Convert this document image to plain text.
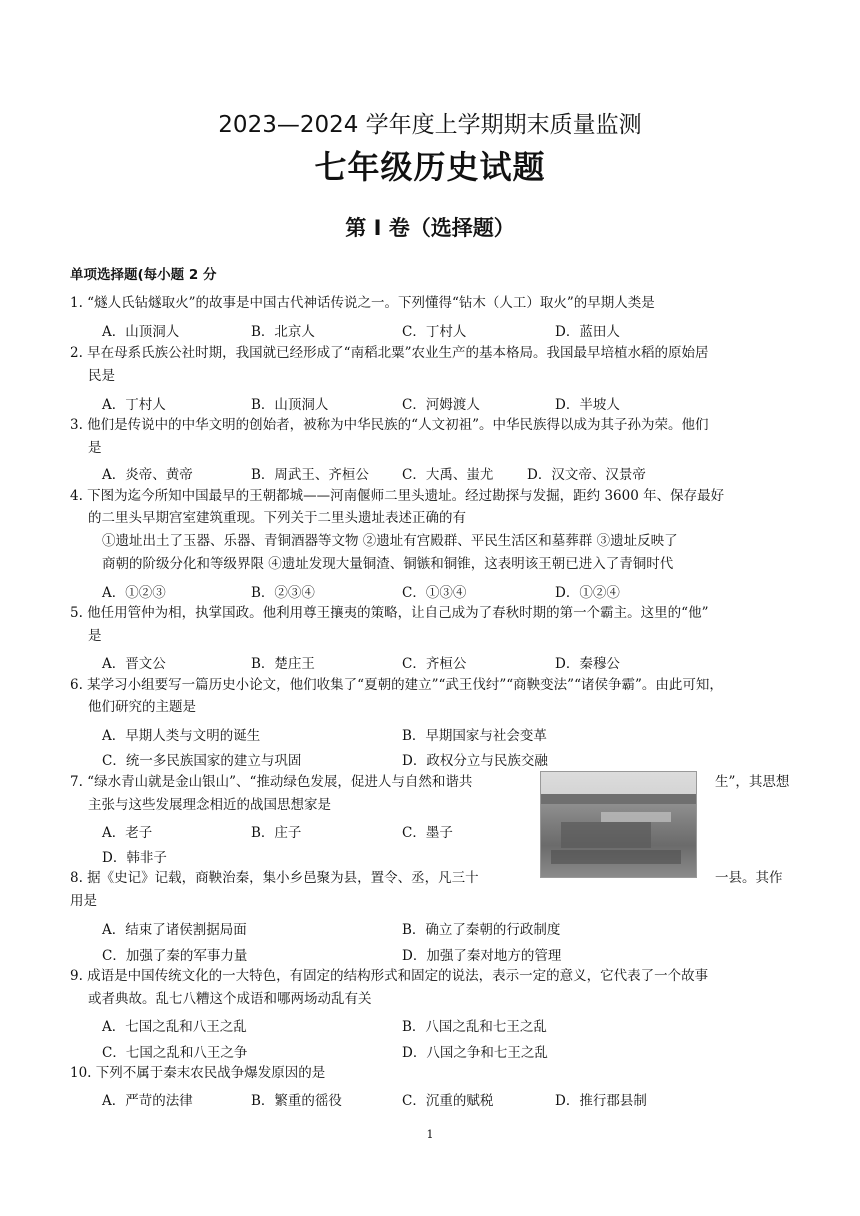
2023—2024 学年度上学期期末质量监测
七年级历史试题
第 I 卷（选择题）
单项选择题(每小题 2 分
1. “燧人氏钻燧取火”的故事是中国古代神话传说之一。下列懂得“钻木（人工）取火”的早期人类是
A．山顶洞人	B．北京人	C．丁村人	D．蓝田人
2. 早在母系氏族公社时期，我国就已经形成了“南稻北粟”农业生产的基本格局。我国最早培植水稻的原始居
民是
A．丁村人	B．山顶洞人	C．河姆渡人	D．半坡人
3. 他们是传说中的中华文明的创始者，被称为中华民族的“人文初祖”。中华民族得以成为其子孙为荣。他们
是
A．炎帝、黄帝	B．周武王、齐桓公 C．大禹、蚩尤 D．汉文帝、汉景帝
4. 下图为迄今所知中国最早的王朝都城——河南偃师二里头遗址。经过勘探与发掘，距约 3600 年、保存最好
的二里头早期宫室建筑重现。下列关于二里头遗址表述正确的有
①遗址出土了玉器、乐器、青铜酒器等文物 ②遗址有宫殿群、平民生活区和墓葬群 ③遗址反映了
商朝的阶级分化和等级界限 ④遗址发现大量铜渣、铜镞和铜锥，这表明该王朝已进入了青铜时代
A．①②③	B．②③④	C．①③④	D．①②④
5. 他任用管仲为相，执掌国政。他利用尊王攘夷的策略，让自己成为了春秋时期的第一个霸主。这里的“他”
是
A．晋文公	B．楚庄王	C．齐桓公	D．秦穆公
6. 某学习小组要写一篇历史小论文，他们收集了“夏朝的建立”“武王伐纣”“商鞅变法”“诸侯争霸”。由此可知，
他们研究的主题是
A．早期人类与文明的诞生	B．早期国家与社会变革
C．统一多民族国家的建立与巩固	D．政权分立与民族交融
7. “绿水青山就是金山银山”、“推动绿色发展，促进人与自然和谐共	生”，其思想
主张与这些发展理念相近的战国思想家是
A．老子	B．庄子	C．墨子
D．韩非子
8. 据《史记》记载，商鞅治秦，集小乡邑聚为县，置令、丞，凡三十	一县。其作
用是
A．结束了诸侯割据局面	B．确立了秦朝的行政制度
C．加强了秦的军事力量	D．加强了秦对地方的管理
9. 成语是中国传统文化的一大特色，有固定的结构形式和固定的说法，表示一定的意义，它代表了一个故事
或者典故。乱七八糟这个成语和哪两场动乱有关
A．七国之乱和八王之乱	B．八国之乱和七王之乱
C．七国之乱和八王之争	D．八国之争和七王之乱
10. 下列不属于秦末农民战争爆发原因的是
A．严苛的法律	B．繁重的徭役	C．沉重的赋税	D．推行郡县制
1
